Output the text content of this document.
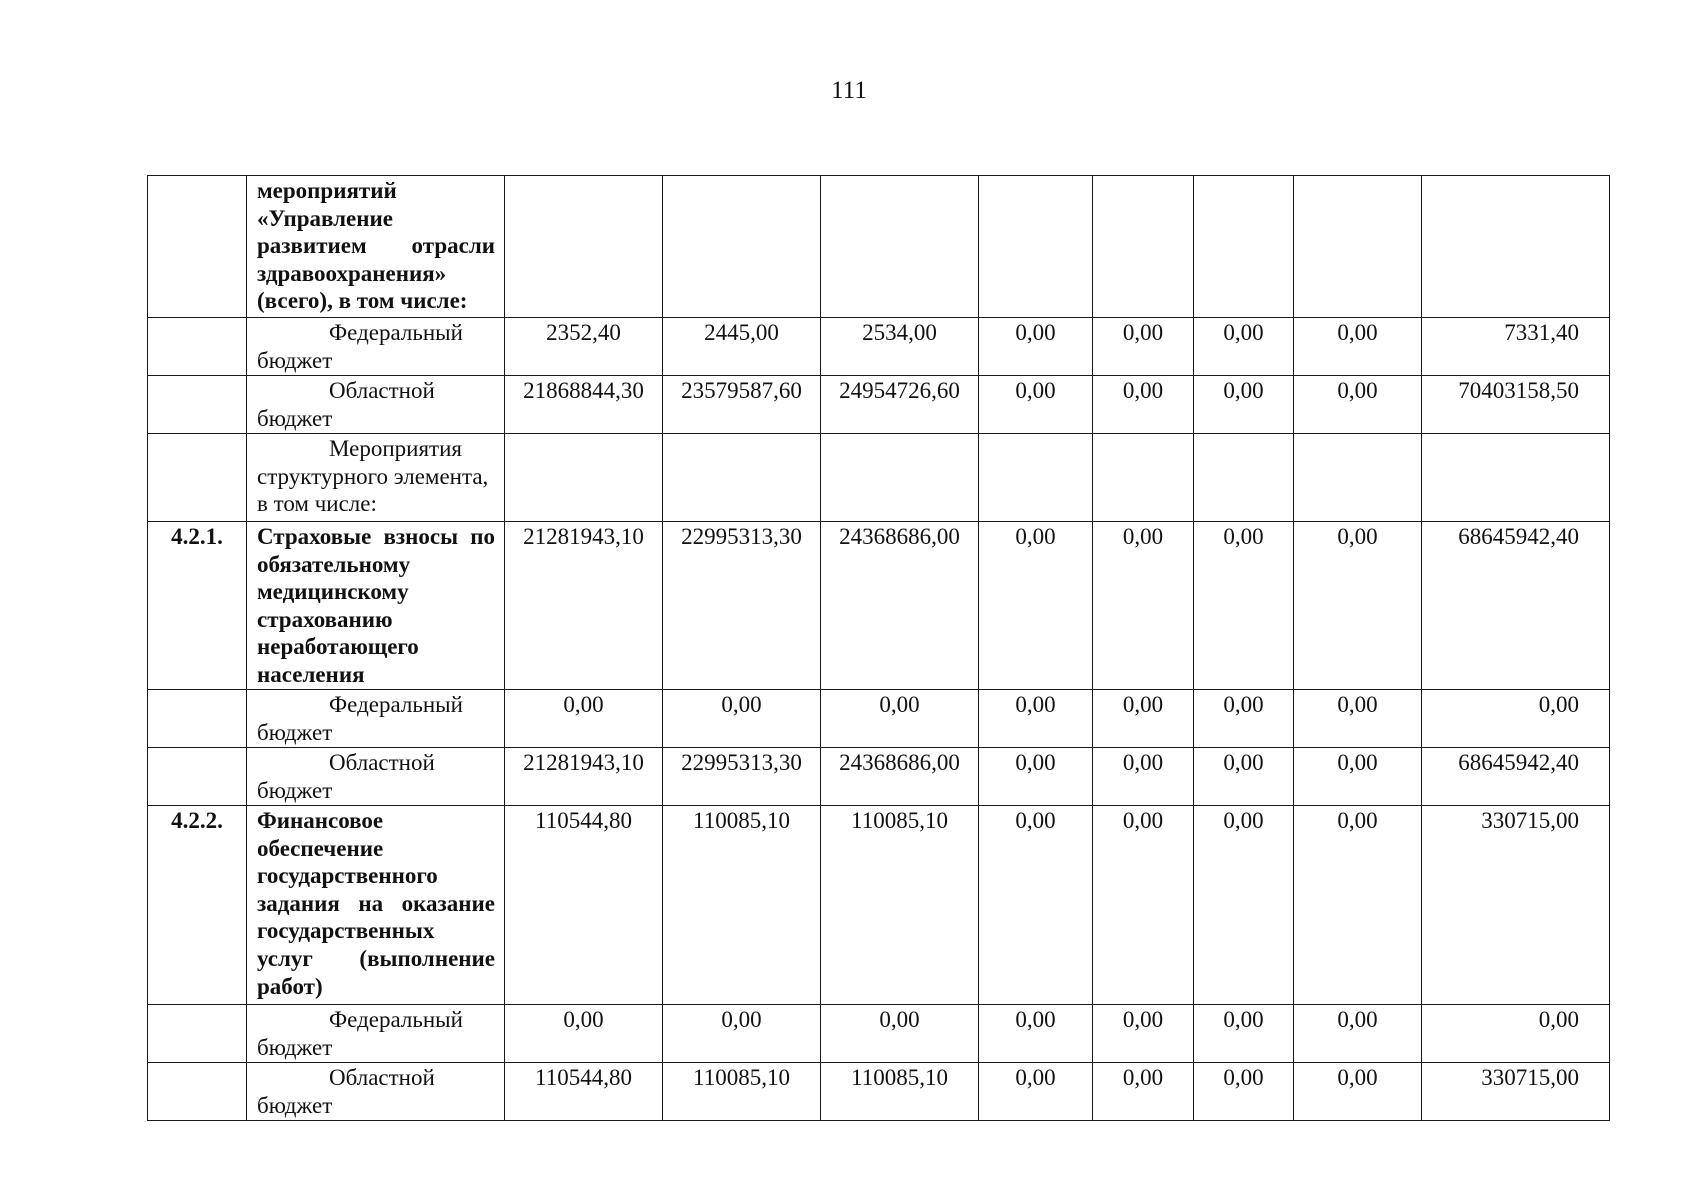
111
	мероприятий «Управление развитием отрасли здравоохранения» (всего), в том числе:								

	Федеральный бюджет	2352,40	2445,00	2534,00	0,00	0,00	0,00	0,00	7331,40

	Областной бюджет	21868844,30	23579587,60	24954726,60	0,00	0,00	0,00	0,00	70403158,50

	Мероприятия структурного элемента, в том числе:								

4.2.1.	Страховые взносы по обязательному медицинскому страхованию неработающего населения	21281943,10	22995313,30	24368686,00	0,00	0,00	0,00	0,00	68645942,40

	Федеральный бюджет	0,00	0,00	0,00	0,00	0,00	0,00	0,00	0,00

	Областной бюджет	21281943,10	22995313,30	24368686,00	0,00	0,00	0,00	0,00	68645942,40
4.2.2.	Финансовое обеспечение государственного задания на оказание государственных услуг (выполнение работ)	110544,80	110085,10	110085,10	0,00	0,00	0,00	0,00	330715,00

	Федеральный бюджет	0,00	0,00	0,00	0,00	0,00	0,00	0,00	0,00

	Областной бюджет	110544,80	110085,10	110085,10	0,00	0,00	0,00	0,00	330715,00
